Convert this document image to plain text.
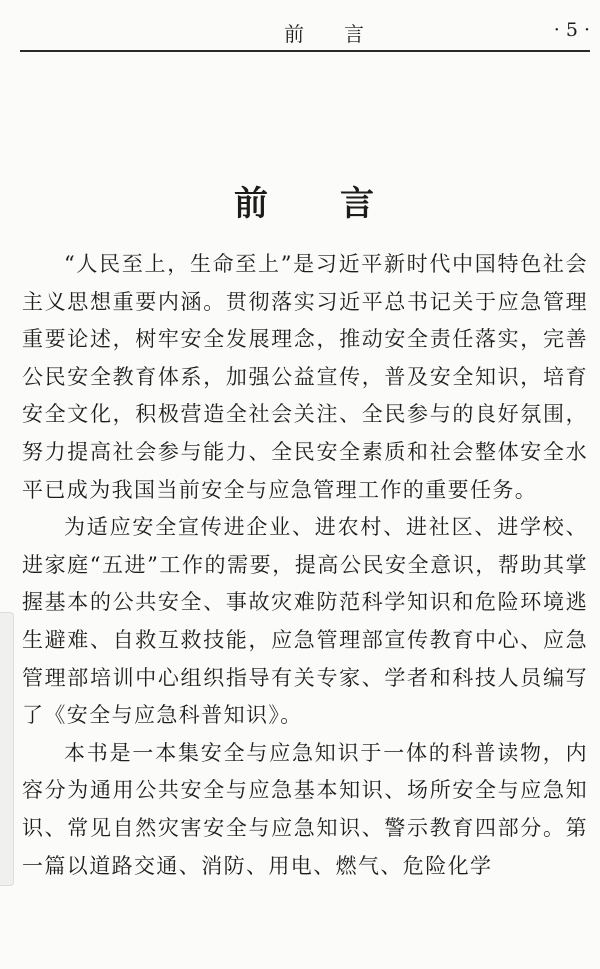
前言	· 5 ·
前言

“人民至上，生命至上”是习近平新时代中国特色社会主义思想重要内涵。贯彻落实习近平总书记关于应急管理重要论述，树牢安全发展理念，推动安全责任落实，完善公民安全教育体系，加强公益宣传，普及安全知识，培育安全文化，积极营造全社会关注、全民参与的良好氛围，努力提高社会参与能力、全民安全素质和社会整体安全水平已成为我国当前安全与应急管理工作的重要任务。

为适应安全宣传进企业、进农村、进社区、进学校、进家庭“五进”工作的需要，提高公民安全意识，帮助其掌握基本的公共安全、事故灾难防范科学知识和危险环境逃生避难、自救互救技能，应急管理部宣传教育中心、应急管理部培训中心组织指导有关专家、学者和科技人员编写了《安全与应急科普知识》。

本书是一本集安全与应急知识于一体的科普读物，内容分为通用公共安全与应急基本知识、场所安全与应急知识、常见自然灾害安全与应急知识、警示教育四部分。第一篇以道路交通、消防、用电、燃气、危险化学
